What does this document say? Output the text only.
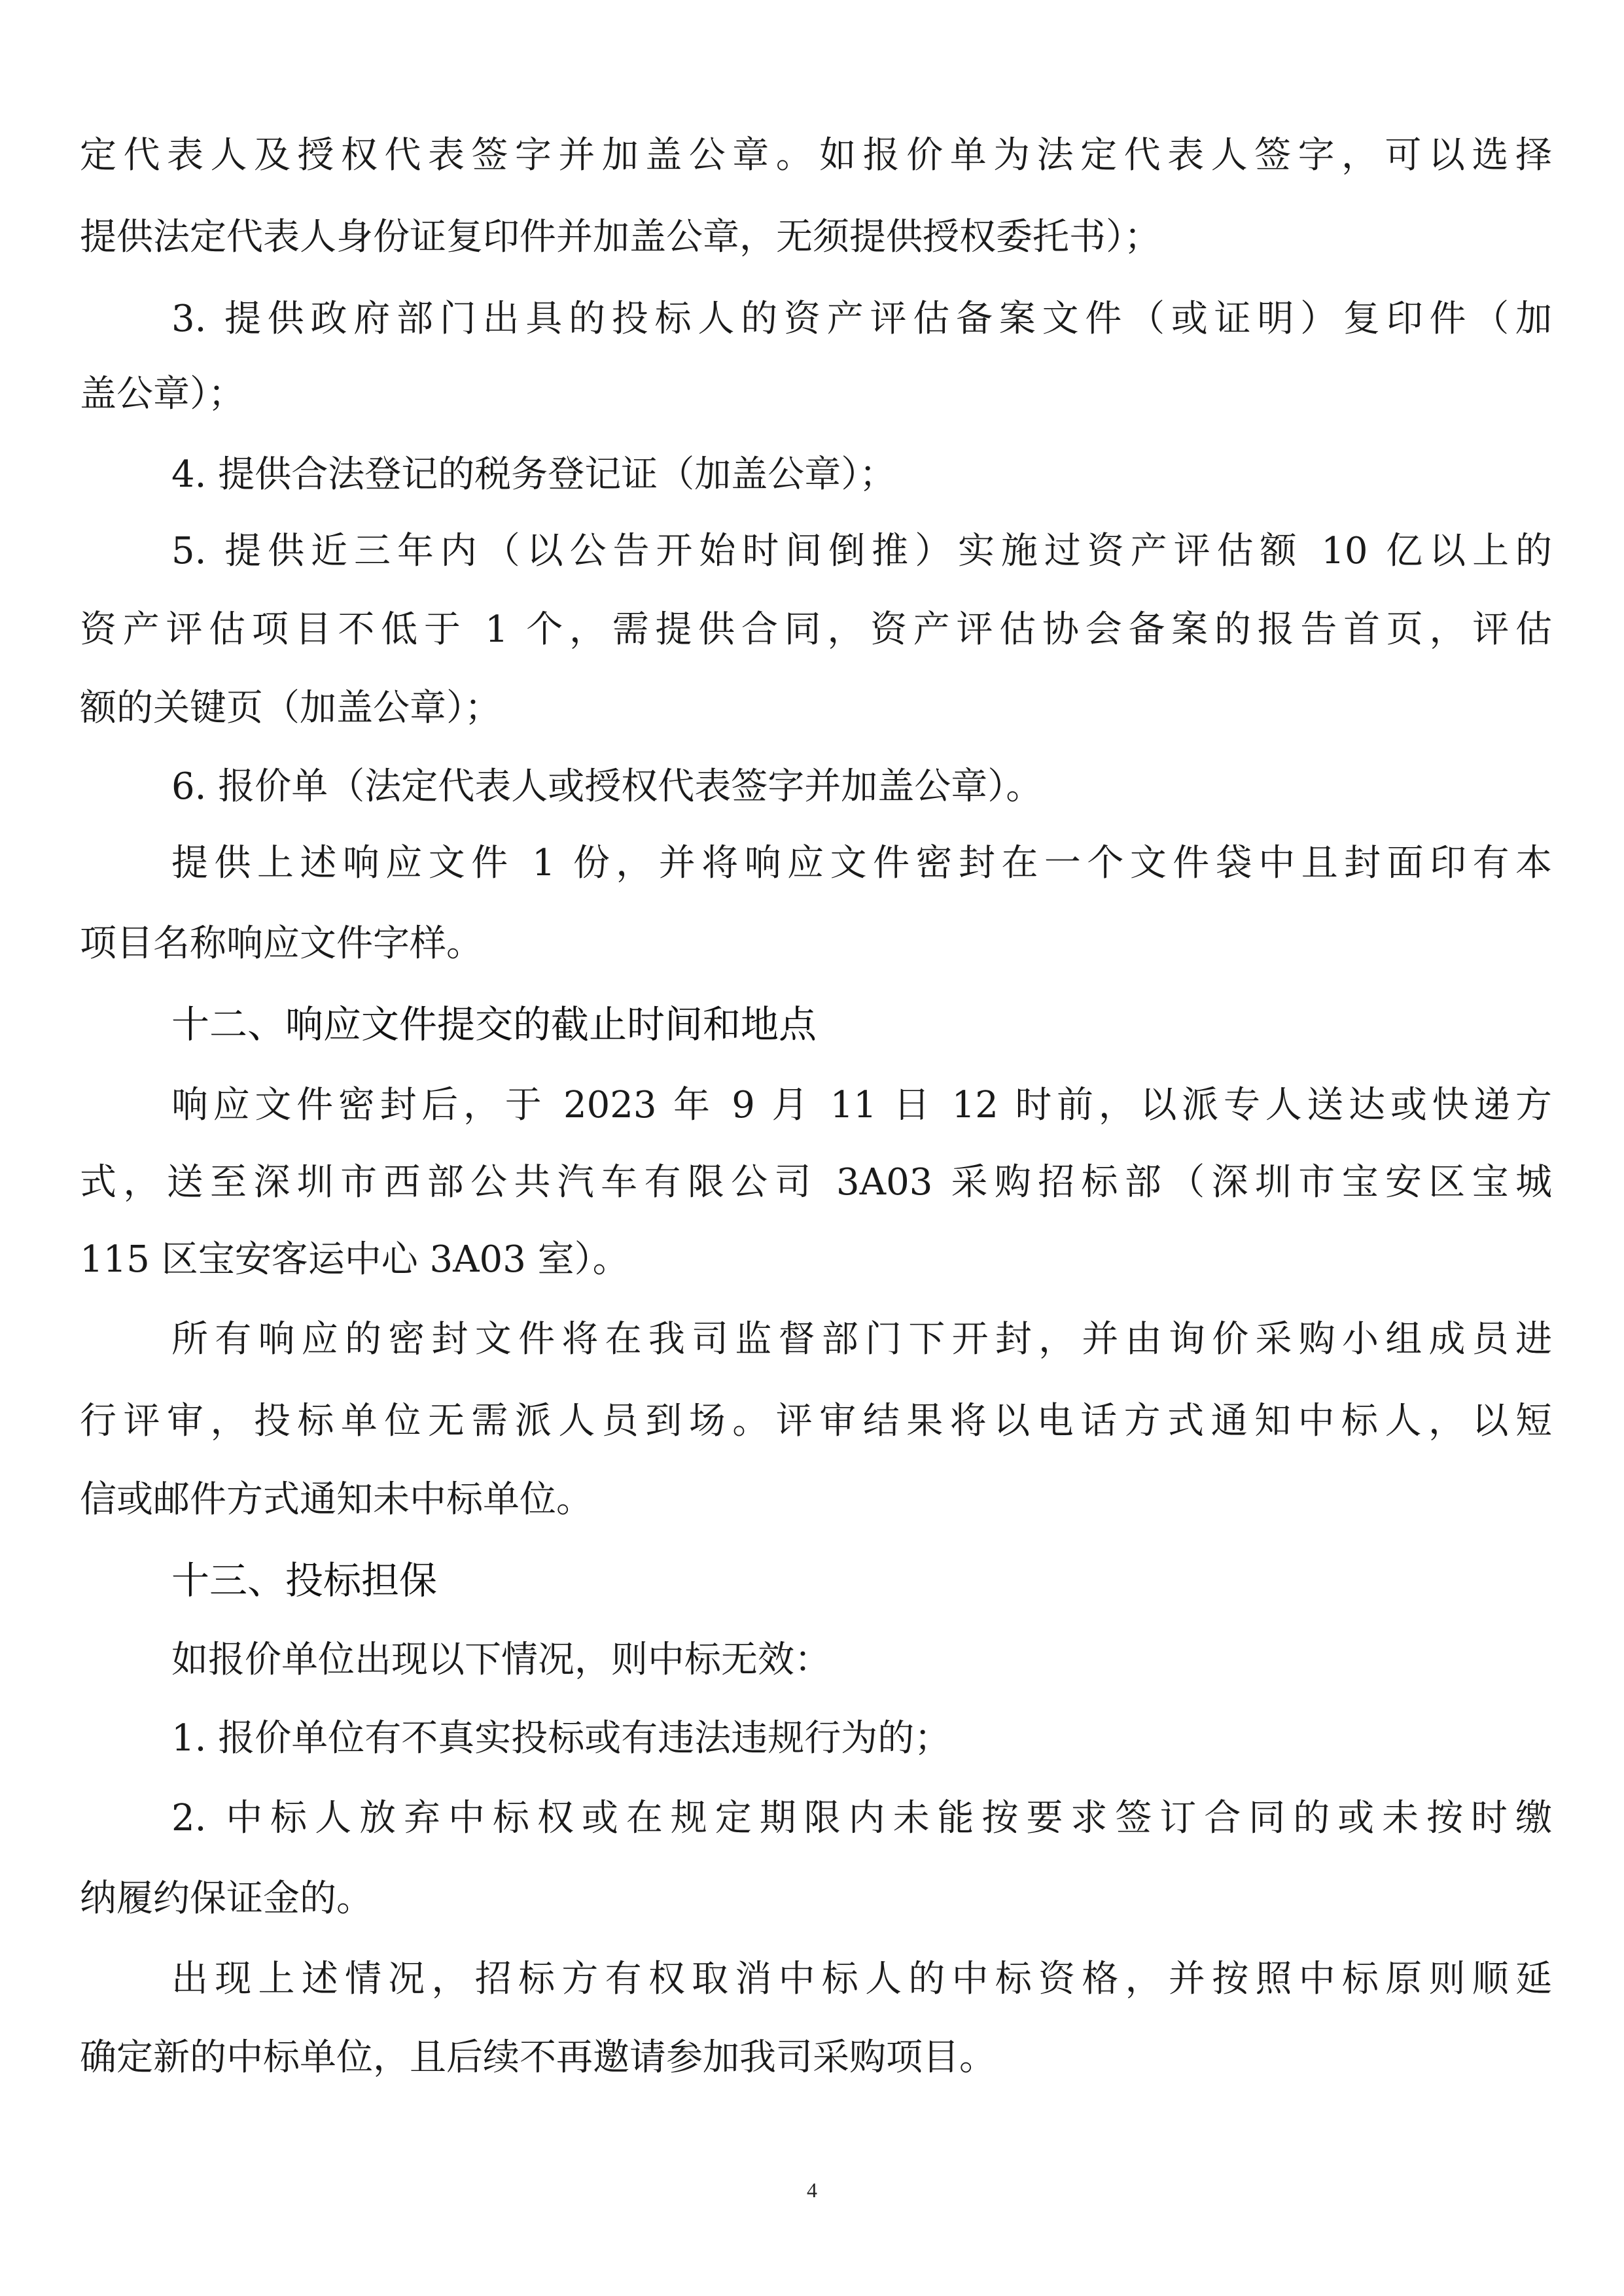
定代表人及授权代表签字并加盖公章。如报价单为法定代表人签字，可以选择
提供法定代表人身份证复印件并加盖公章，无须提供授权委托书）；
3. 提供政府部门出具的投标人的资产评估备案文件（或证明）复印件（加
盖公章）；
4. 提供合法登记的税务登记证（加盖公章）；
5. 提供近三年内（以公告开始时间倒推）实施过资产评估额 10 亿以上的
资产评估项目不低于 1 个，需提供合同，资产评估协会备案的报告首页，评估
额的关键页（加盖公章）；
6. 报价单（法定代表人或授权代表签字并加盖公章）。
提供上述响应文件 1 份，并将响应文件密封在一个文件袋中且封面印有本
项目名称响应文件字样。
十二、响应文件提交的截止时间和地点
响应文件密封后，于 2023 年 9 月 11 日 12 时前，以派专人送达或快递方
式，送至深圳市西部公共汽车有限公司 3A03 采购招标部（深圳市宝安区宝城
115 区宝安客运中心 3A03 室）。
所有响应的密封文件将在我司监督部门下开封，并由询价采购小组成员进
行评审，投标单位无需派人员到场。评审结果将以电话方式通知中标人，以短
信或邮件方式通知未中标单位。
十三、投标担保
如报价单位出现以下情况，则中标无效：
1. 报价单位有不真实投标或有违法违规行为的；
2. 中标人放弃中标权或在规定期限内未能按要求签订合同的或未按时缴
纳履约保证金的。
出现上述情况，招标方有权取消中标人的中标资格，并按照中标原则顺延
确定新的中标单位，且后续不再邀请参加我司采购项目。
4
